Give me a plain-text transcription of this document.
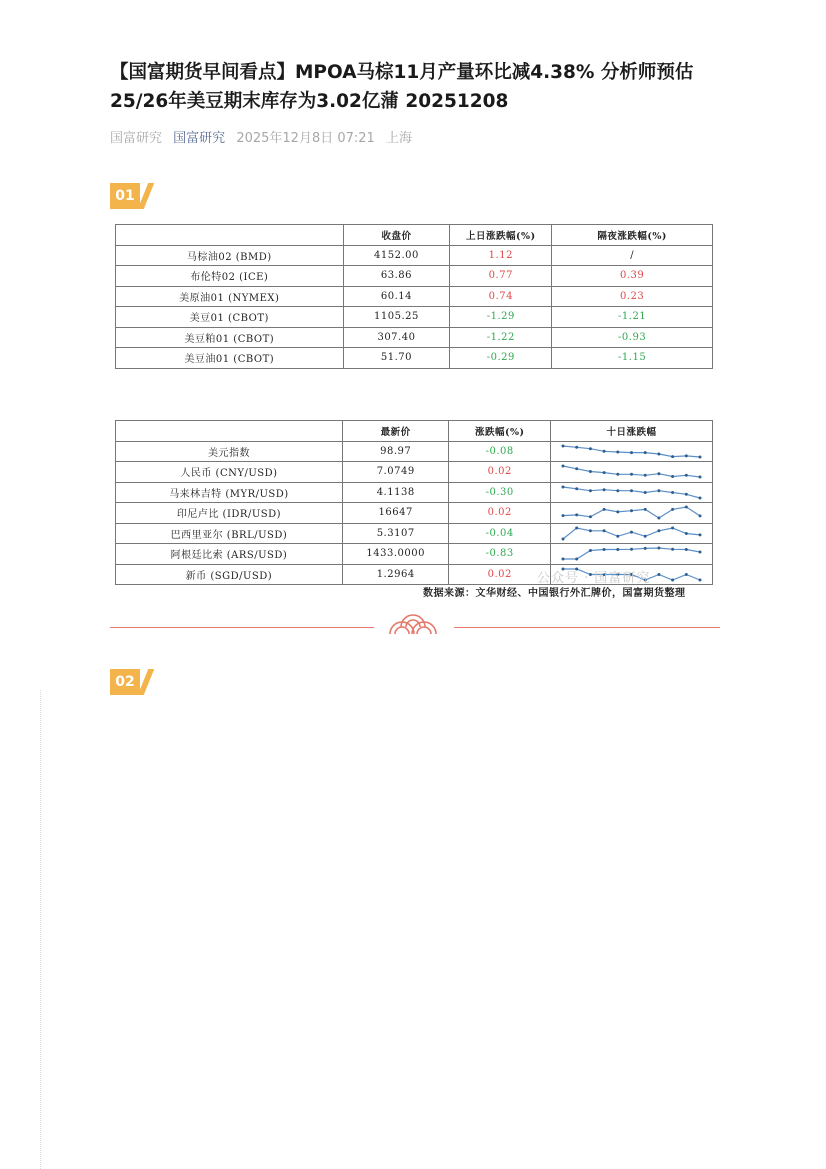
【国富期货早间看点】MPOA马棕11月产量环比减4.38% 分析师预估25/26年美豆期末库存为3.02亿蒲 20251208
国富研究 国富研究 2025年12月8日 07:21 上海
01
	收盘价	上日涨跌幅(%)	隔夜涨跌幅(%)
马棕油02 (BMD)	4152.00	1.12	/
布伦特02 (ICE)	63.86	0.77	0.39
美原油01 (NYMEX)	60.14	0.74	0.23
美豆01 (CBOT)	1105.25	-1.29	-1.21
美豆粕01 (CBOT)	307.40	-1.22	-0.93
美豆油01 (CBOT)	51.70	-0.29	-1.15
	最新价	涨跌幅(%)	十日涨跌幅
美元指数	98.97	-0.08	

人民币 (CNY/USD)	7.0749	0.02	

马来林吉特 (MYR/USD)	4.1138	-0.30	

印尼卢比 (IDR/USD)	16647	0.02	

巴西里亚尔 (BRL/USD)	5.3107	-0.04	

阿根廷比索 (ARS/USD)	1433.0000	-0.83	

新币 (SGD/USD)	1.2964	0.02	公众号 · 国富研究
数据来源：文华财经、中国银行外汇牌价，国富期货整理
02
